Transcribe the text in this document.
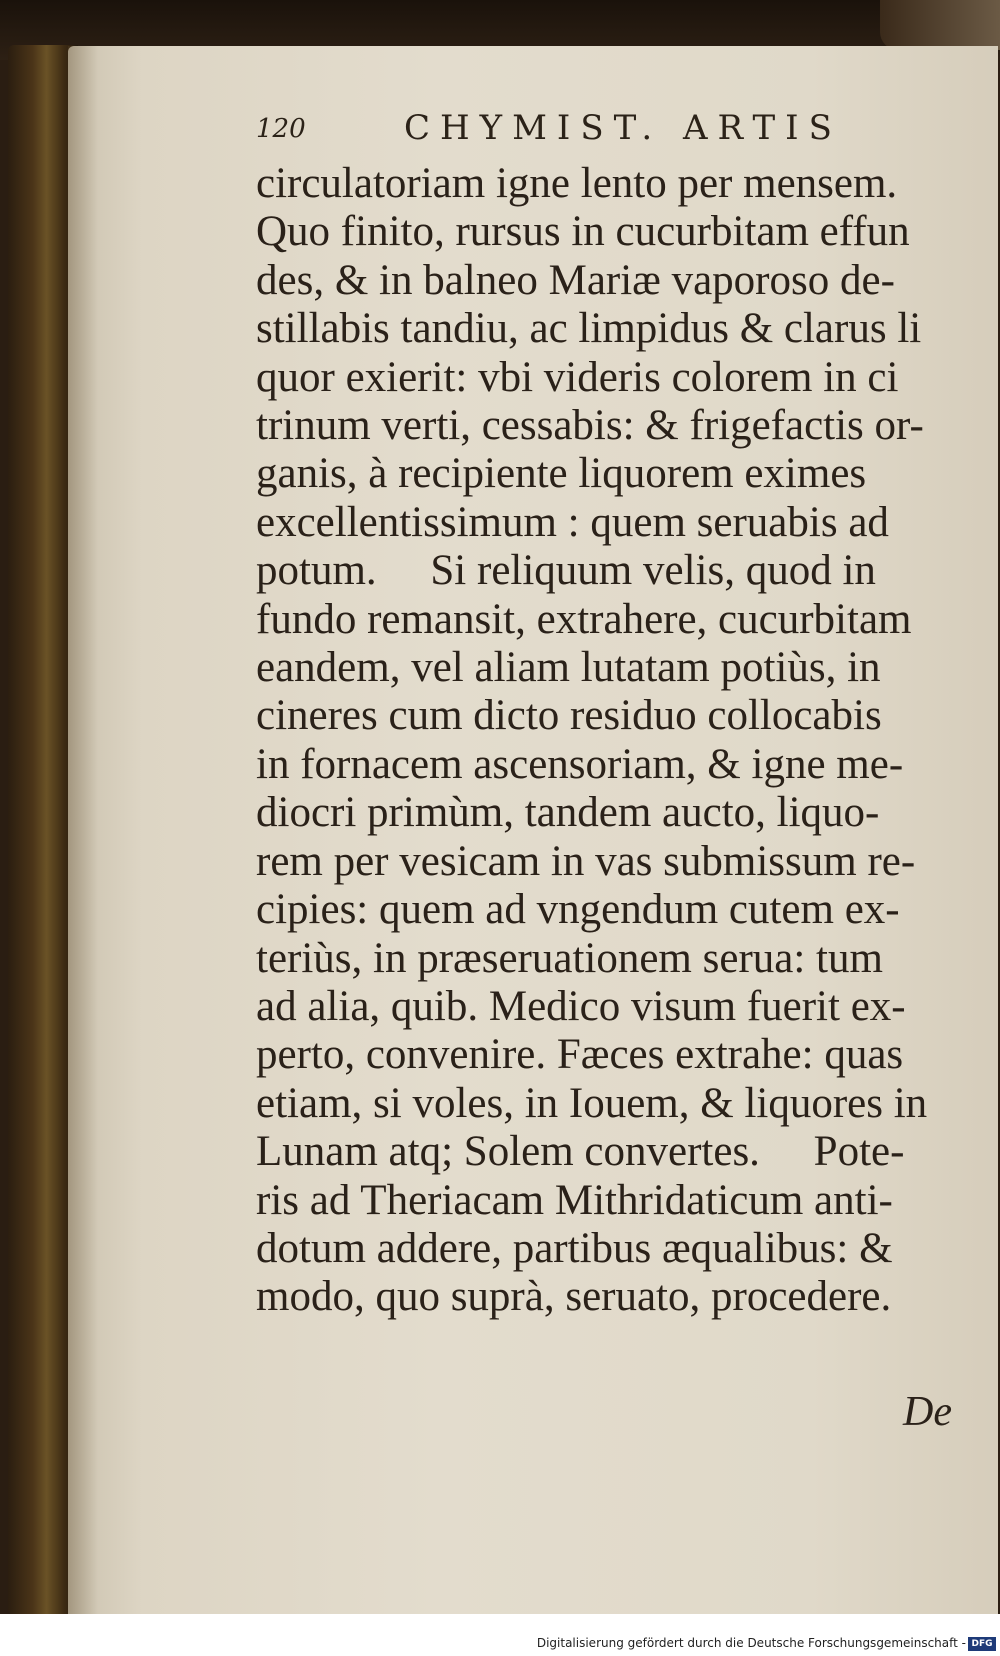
120	CHYMIST. ARTIS
circulatoriam igne lento per mensem.
Quo finito, rursus in cucurbitam effun
des, & in balneo Mariæ vaporoso de-
stillabis tandiu, ac limpidus & clarus li
quor exierit: vbi videris colorem in ci
trinum verti, cessabis: & frigefactis or-
ganis, à recipiente liquorem eximes
excellentissimum : quem seruabis ad
potum.     Si reliquum velis, quod in
fundo remansit, extrahere, cucurbitam
eandem, vel aliam lutatam potiùs, in
cineres cum dicto residuo collocabis
in fornacem ascensoriam, & igne me-
diocri primùm, tandem aucto, liquo-
rem per vesicam in vas submissum re-
cipies: quem ad vngendum cutem ex-
teriùs, in præseruationem serua: tum
ad alia, quib. Medico visum fuerit ex-
perto, convenire. Fæces extrahe: quas
etiam, si voles, in Iouem, & liquores in
Lunam atq; Solem convertes.     Pote-
ris ad Theriacam Mithridaticum anti-
dotum addere, partibus æqualibus: &
modo, quo suprà, seruato, procedere.
De
Digitalisierung gefördert durch die Deutsche Forschungsgemeinschaft - DFG
